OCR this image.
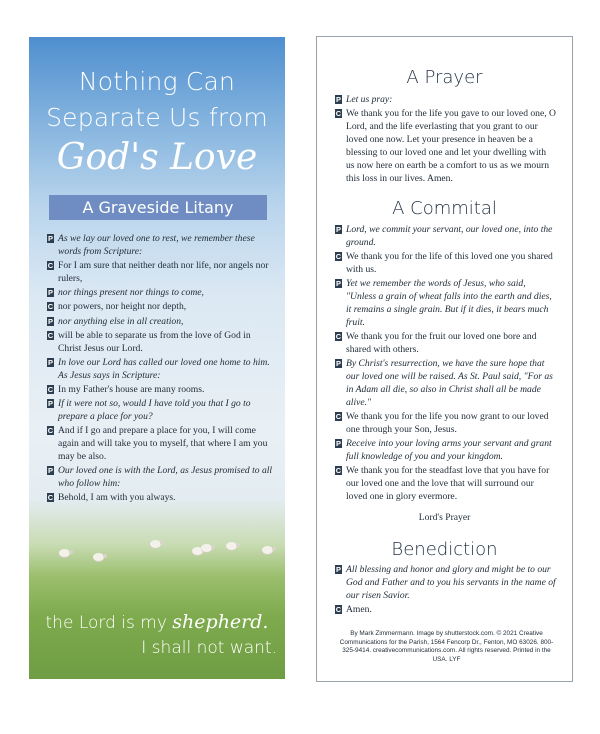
Nothing Can
Separate Us from
God's Love
A Graveside Litany
P As we lay our loved one to rest, we remember these words from Scripture:
C For I am sure that neither death nor life, nor angels nor rulers,
P nor things present nor things to come,
C nor powers, nor height nor depth,
P nor anything else in all creation,
C will be able to separate us from the love of God in Christ Jesus our Lord.
P In love our Lord has called our loved one home to him. As Jesus says in Scripture:
C In my Father's house are many rooms.
P If it were not so, would I have told you that I go to prepare a place for you?
C And if I go and prepare a place for you, I will come again and will take you to myself, that where I am you may be also.
P Our loved one is with the Lord, as Jesus promised to all who follow him:
C Behold, I am with you always.
the Lord is my shepherd.
I shall not want.
A Prayer
P Let us pray:
C We thank you for the life you gave to our loved one, O Lord, and the life everlasting that you grant to our loved one now. Let your presence in heaven be a blessing to our loved one and let your dwelling with us now here on earth be a comfort to us as we mourn this loss in our lives. Amen.
A Commital
P Lord, we commit your servant, our loved one, into the ground.
C We thank you for the life of this loved one you shared with us.
P Yet we remember the words of Jesus, who said, "Unless a grain of wheat falls into the earth and dies, it remains a single grain. But if it dies, it bears much fruit.
C We thank you for the fruit our loved one bore and shared with others.
P By Christ's resurrection, we have the sure hope that our loved one will be raised. As St. Paul said, "For as in Adam all die, so also in Christ shall all be made alive."
C We thank you for the life you now grant to our loved one through your Son, Jesus.
P Receive into your loving arms your servant and grant full knowledge of you and your kingdom.
C We thank you for the steadfast love that you have for our loved one and the love that will surround our loved one in glory evermore.
Lord's Prayer
Benediction
P All blessing and honor and glory and might be to our God and Father and to you his servants in the name of our risen Savior.
C Amen.
By Mark Zimmermann. Image by shutterstock.com. © 2021 Creative Communications for the Parish, 1564 Fencorp Dr., Fenton, MO 63026. 800-325-9414. creativecommunications.com. All rights reserved. Printed in the USA. LYF
